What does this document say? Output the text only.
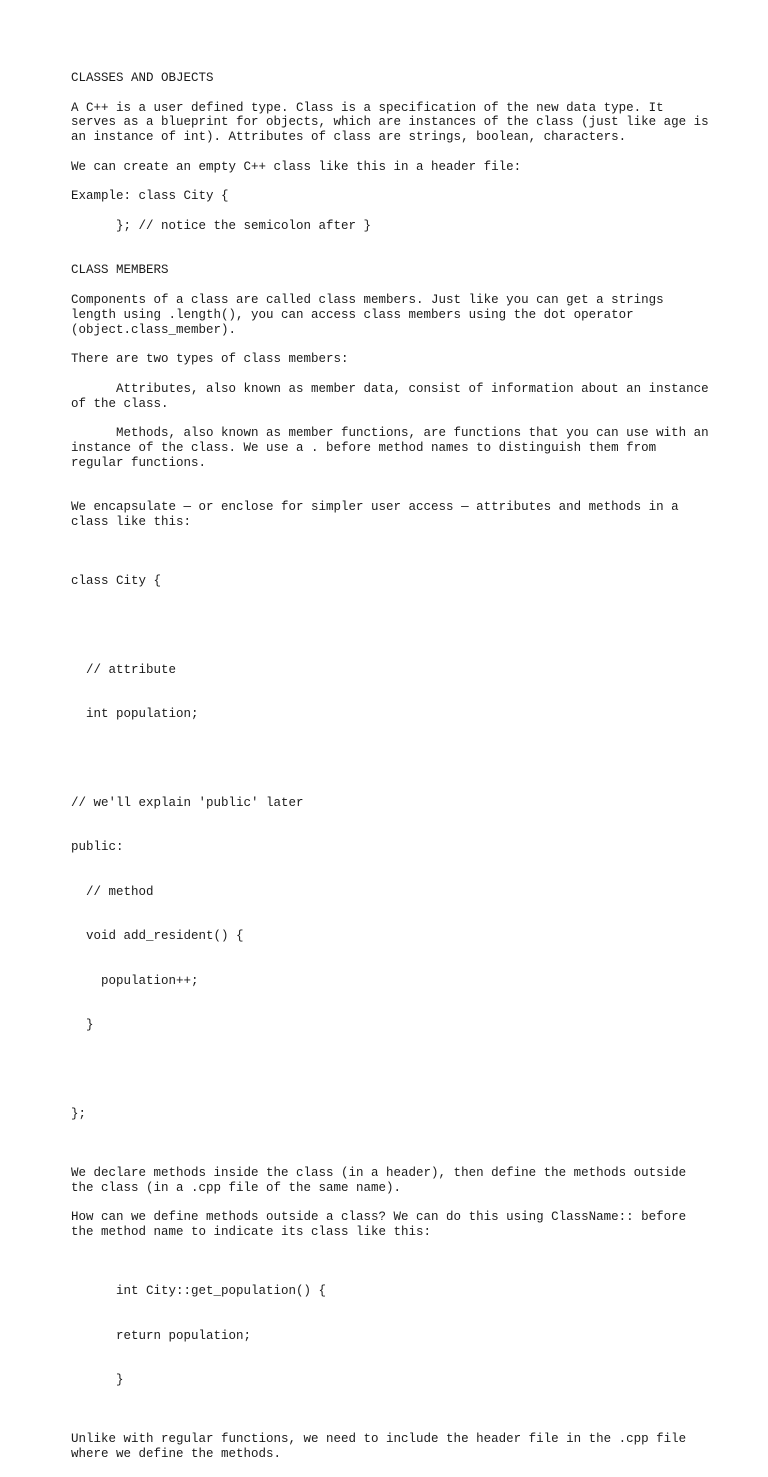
CLASSES AND OBJECTS
A C++ is a user defined type. Class is a specification of the new data type. It serves as a blueprint for objects, which are instances of the class (just like age is an instance of int). Attributes of class are strings, boolean, characters.
We can create an empty C++ class like this in a header file:
Example: class City {
}; // notice the semicolon after }
CLASS MEMBERS
Components of a class are called class members. Just like you can get a strings length using .length(), you can access class members using the dot operator (object.class_member).
There are two types of class members:
Attributes, also known as member data, consist of information about an instance of the class.
Methods, also known as member functions, are functions that you can use with an instance of the class. We use a . before method names to distinguish them from regular functions.
We encapsulate — or enclose for simpler user access — attributes and methods in a class like this:

class City {

// attribute

int population;

// we'll explain 'public' later

public:

// method

void add_resident() {

population++;

}

};

We declare methods inside the class (in a header), then define the methods outside the class (in a .cpp file of the same name).
How can we define methods outside a class? We can do this using ClassName:: before the method name to indicate its class like this:

int City::get_population() {

return population;

}

Unlike with regular functions, we need to include the header file in the .cpp file where we define the methods.
